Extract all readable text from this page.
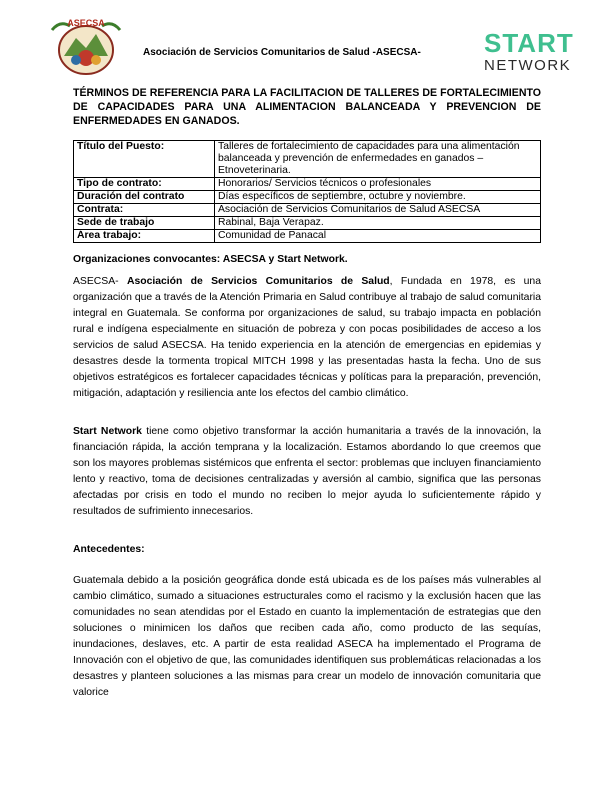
ASECSA
Asociación de Servicios Comunitarios de Salud -ASECSA- START
NETWORK
TÉRMINOS DE REFERENCIA PARA LA FACILITACION DE TALLERES DE FORTALECIMIENTO DE CAPACIDADES PARA UNA ALIMENTACION BALANCEADA Y PREVENCION DE ENFERMEDADES EN GANADOS.
Título del Puesto:	Talleres de fortalecimiento de capacidades para una alimentación balanceada y prevención de enfermedades en ganados – Etnoveterinaria.
Tipo de contrato:	Honorarios/ Servicios técnicos o profesionales
Duración del contrato	Días específicos de septiembre, octubre y noviembre.
Contrata:	Asociación de Servicios Comunitarios de Salud ASECSA
Sede de trabajo	Rabinal, Baja Verapaz.
Área trabajo:	Comunidad de Panacal
Organizaciones convocantes: ASECSA y Start Network.
ASECSA- Asociación de Servicios Comunitarios de Salud, Fundada en 1978, es una organización que a través de la Atención Primaria en Salud contribuye al trabajo de salud comunitaria integral en Guatemala. Se conforma por organizaciones de salud, su trabajo impacta en población rural e indígena especialmente en situación de pobreza y con pocas posibilidades de acceso a los servicios de salud ASECSA. Ha tenido experiencia en la atención de emergencias en epidemias y desastres desde la tormenta tropical MITCH 1998 y las presentadas hasta la fecha. Uno de sus objetivos estratégicos es fortalecer capacidades técnicas y políticas para la preparación, prevención, mitigación, adaptación y resiliencia ante los efectos del cambio climático.
Start Network tiene como objetivo transformar la acción humanitaria a través de la innovación, la financiación rápida, la acción temprana y la localización. Estamos abordando lo que creemos que son los mayores problemas sistémicos que enfrenta el sector: problemas que incluyen financiamiento lento y reactivo, toma de decisiones centralizadas y aversión al cambio, significa que las personas afectadas por crisis en todo el mundo no reciben lo mejor ayuda lo suficientemente rápido y resultados de sufrimiento innecesarios.
Antecedentes:
Guatemala debido a la posición geográfica donde está ubicada es de los países más vulnerables al cambio climático, sumado a situaciones estructurales como el racismo y la exclusión hacen que las comunidades no sean atendidas por el Estado en cuanto la implementación de estrategias que den soluciones o minimicen los daños que reciben cada año, como producto de las sequías, inundaciones, deslaves, etc. A partir de esta realidad ASECA ha implementado el Programa de Innovación con el objetivo de que, las comunidades identifiquen sus problemáticas relacionadas a los desastres y planteen soluciones a las mismas para crear un modelo de innovación comunitaria que valorice
